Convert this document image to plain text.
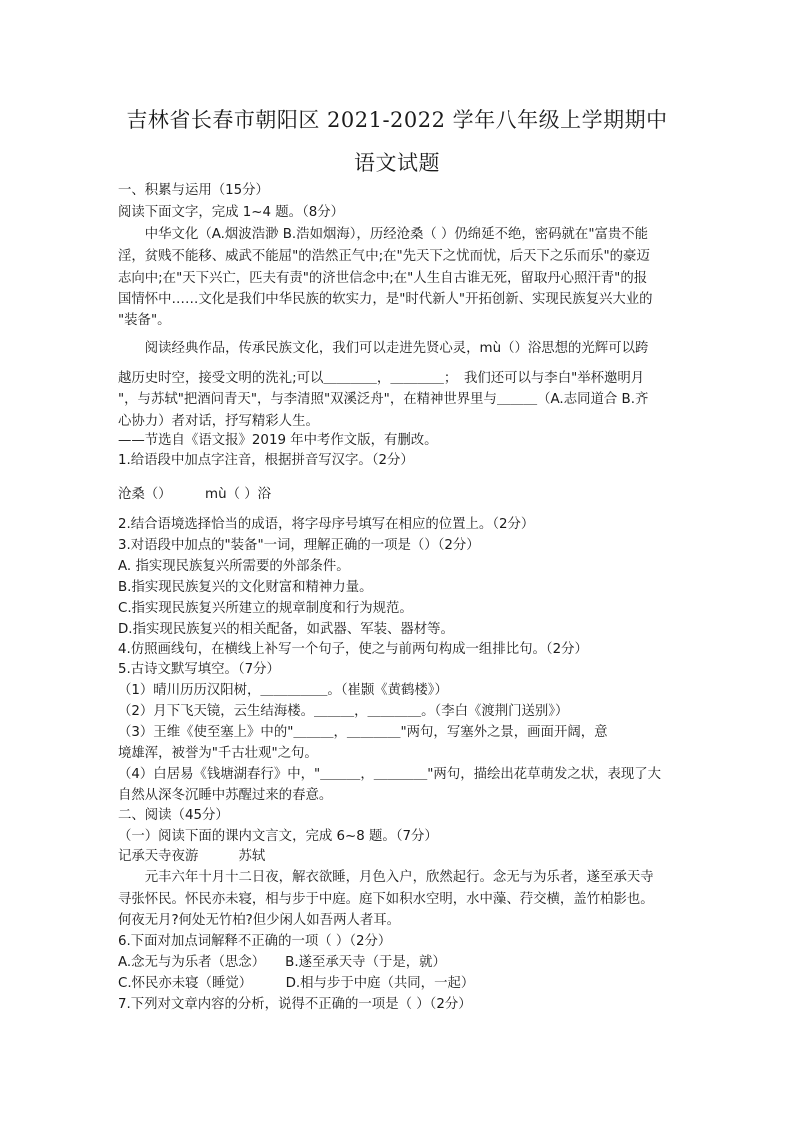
吉林省长春市朝阳区 2021-2022 学年八年级上学期期中
语文试题
一、积累与运用（15分）
阅读下面文字，完成 1~4 题。（8分）
　　中华文化（A.烟波浩渺 B.浩如烟海），历经沧桑（ ）仍绵延不绝，密码就在"富贵不能
淫，贫贱不能移、威武不能屈"的浩然正气中;在"先天下之忧而忧，后天下之乐而乐"的豪迈
志向中;在"天下兴亡，匹夫有责"的济世信念中;在"人生自古谁无死，留取丹心照汗青"的报
国情怀中……文化是我们中华民族的软实力，是"时代新人"开拓创新、实现民族复兴大业的
"装备"。
　　阅读经典作品，传承民族文化，我们可以走进先贤心灵，mù（）浴思想的光辉可以跨
越历史时空，接受文明的洗礼;可以＿＿＿＿，＿＿＿＿；　我们还可以与李白"举杯邀明月
"，与苏轼"把酒问青天"，与李清照"双溪泛舟"，在精神世界里与＿＿＿（A.志同道合 B.齐
心协力）者对话，抒写精彩人生。
——节选自《语文报》2019 年中考作文版，有删改。
1.给语段中加点字注音，根据拼音写汉字。（2分）
沧桑（）　　　mù（ ）浴
2.结合语境选择恰当的成语，将字母序号填写在相应的位置上。（2分）
3.对语段中加点的"装备"一词，理解正确的一项是（）（2分）
A. 指实现民族复兴所需要的外部条件。
B.指实现民族复兴的文化财富和精神力量。
C.指实现民族复兴所建立的规章制度和行为规范。
D.指实现民族复兴的相关配备，如武器、军装、器材等。
4.仿照画线句，在横线上补写一个句子，使之与前两句构成一组排比句。（2分）
5.古诗文默写填空。（7分）
（1）晴川历历汉阳树，＿＿＿＿＿。（崔颢《黄鹤楼》）
（2）月下飞天镜，云生结海楼。＿＿＿，＿＿＿＿。（李白《渡荆门送别》）
（3）王维《使至塞上》中的"＿＿＿，＿＿＿＿"两句，写塞外之景，画面开阔，意
境雄浑，被誉为"千古壮观"之句。
（4）白居易《钱塘湖春行》中，"＿＿＿，＿＿＿＿"两句，描绘出花草萌发之状，表现了大
自然从深冬沉睡中苏醒过来的春意。
二、阅读（45分）
（一）阅读下面的课内文言文，完成 6~8 题。（7分）
记承天寺夜游　　　苏轼
　　元丰六年十月十二日夜，解衣欲睡，月色入户，欣然起行。念无与为乐者，遂至承天寺
寻张怀民。怀民亦未寝，相与步于中庭。庭下如积水空明，水中藻、荇交横，盖竹柏影也。
何夜无月?何处无竹柏?但少闲人如吾两人者耳。
6.下面对加点词解释不正确的一项（ ）（2分）
A.念无与为乐者（思念）　　B.遂至承天寺（于是，就）
C.怀民亦未寝（睡觉）　　　D.相与步于中庭（共同，一起）
7.下列对文章内容的分析，说得不正确的一项是（ ）（2分）
